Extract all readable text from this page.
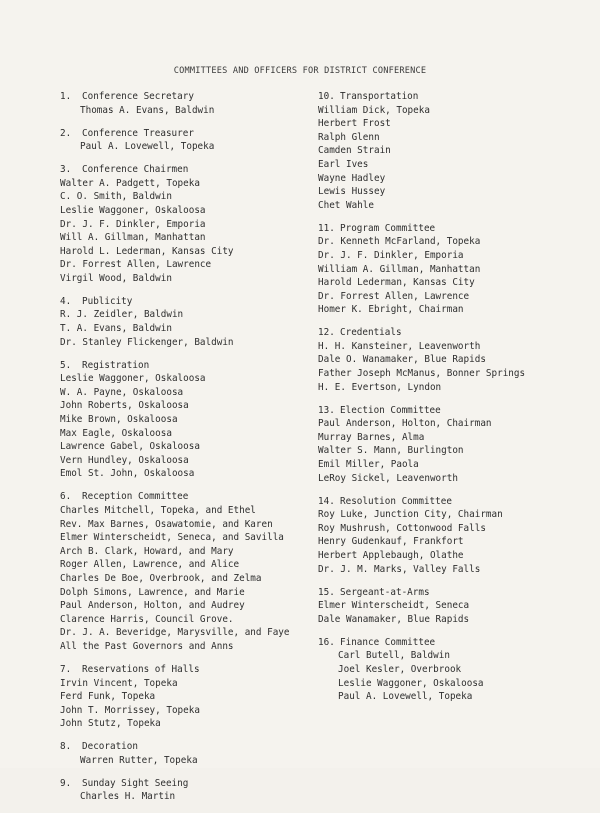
COMMITTEES AND OFFICERS FOR DISTRICT CONFERENCE
1. Conference Secretary
Thomas A. Evans, Baldwin
2. Conference Treasurer
Paul A. Lovewell, Topeka
3. Conference Chairmen
Walter A. Padgett, Topeka
C. O. Smith, Baldwin
Leslie Waggoner, Oskaloosa
Dr. J. F. Dinkler, Emporia
Will A. Gillman, Manhattan
Harold L. Lederman, Kansas City
Dr. Forrest Allen, Lawrence
Virgil Wood, Baldwin
4. Publicity
R. J. Zeidler, Baldwin
T. A. Evans, Baldwin
Dr. Stanley Flickenger, Baldwin
5. Registration
Leslie Waggoner, Oskaloosa
W. A. Payne, Oskaloosa
John Roberts, Oskaloosa
Mike Brown, Oskaloosa
Max Eagle, Oskaloosa
Lawrence Gabel, Oskaloosa
Vern Hundley, Oskaloosa
Emol St. John, Oskaloosa
6. Reception Committee
Charles Mitchell, Topeka, and Ethel
Rev. Max Barnes, Osawatomie, and Karen
Elmer Winterscheidt, Seneca, and Savilla
Arch B. Clark, Howard, and Mary
Roger Allen, Lawrence, and Alice
Charles De Boe, Overbrook, and Zelma
Dolph Simons, Lawrence, and Marie
Paul Anderson, Holton, and Audrey
Clarence Harris, Council Grove.
Dr. J. A. Beveridge, Marysville, and Faye
All the Past Governors and Anns
7. Reservations of Halls
Irvin Vincent, Topeka
Ferd Funk, Topeka
John T. Morrissey, Topeka
John Stutz, Topeka
8. Decoration
Warren Rutter, Topeka
9. Sunday Sight Seeing
Charles H. Martin
10. Transportation
William Dick, Topeka
Herbert Frost
Ralph Glenn
Camden Strain
Earl Ives
Wayne Hadley
Lewis Hussey
Chet Wahle
11. Program Committee
Dr. Kenneth McFarland, Topeka
Dr. J. F. Dinkler, Emporia
William A. Gillman, Manhattan
Harold Lederman, Kansas City
Dr. Forrest Allen, Lawrence
Homer K. Ebright, Chairman
12. Credentials
H. H. Kansteiner, Leavenworth
Dale O. Wanamaker, Blue Rapids
Father Joseph McManus, Bonner Springs
H. E. Evertson, Lyndon
13. Election Committee
Paul Anderson, Holton, Chairman
Murray Barnes, Alma
Walter S. Mann, Burlington
Emil Miller, Paola
LeRoy Sickel, Leavenworth
14. Resolution Committee
Roy Luke, Junction City, Chairman
Roy Mushrush, Cottonwood Falls
Henry Gudenkauf, Frankfort
Herbert Applebaugh, Olathe
Dr. J. M. Marks, Valley Falls
15. Sergeant-at-Arms
Elmer Winterscheidt, Seneca
Dale Wanamaker, Blue Rapids
16. Finance Committee
Carl Butell, Baldwin
Joel Kesler, Overbrook
Leslie Waggoner, Oskaloosa
Paul A. Lovewell, Topeka
